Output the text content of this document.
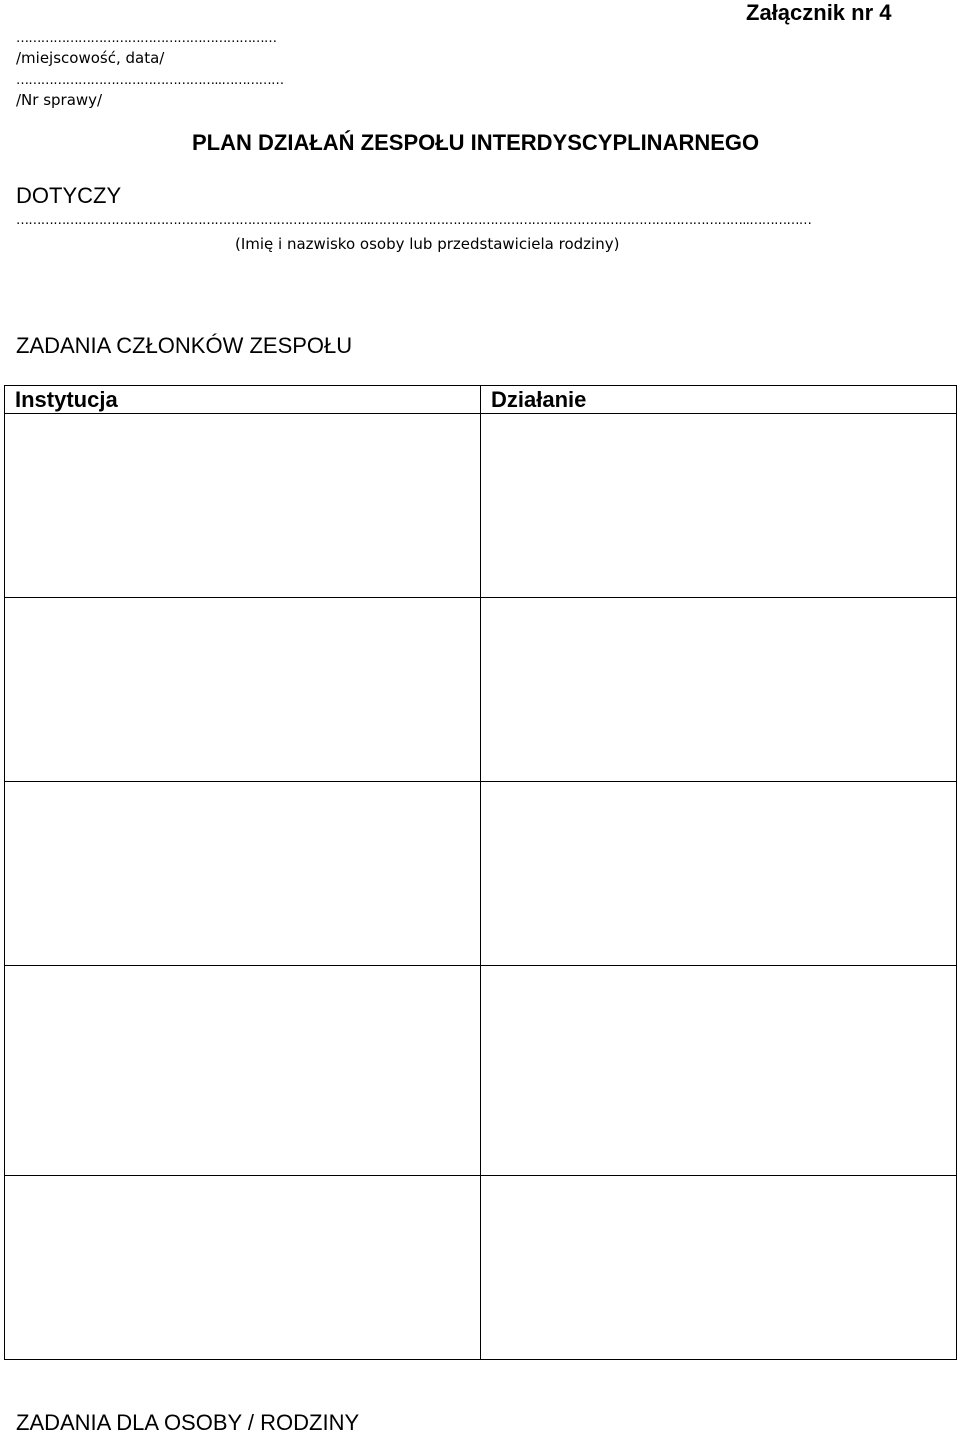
Załącznik nr 4
………………………………………………………
/miejscowość, data/
…………………………………………..……………
/Nr sprawy/
PLAN DZIAŁAŃ ZESPOŁU INTERDYSCYPLINARNEGO
DOTYCZY
…………………………………………………………………………..………………………………………………………………………………..……………
(Imię i nazwisko osoby lub przedstawiciela rodziny)
ZADANIA CZŁONKÓW ZESPOŁU
Instytucja	Działanie

ZADANIA DLA OSOBY / RODZINY
